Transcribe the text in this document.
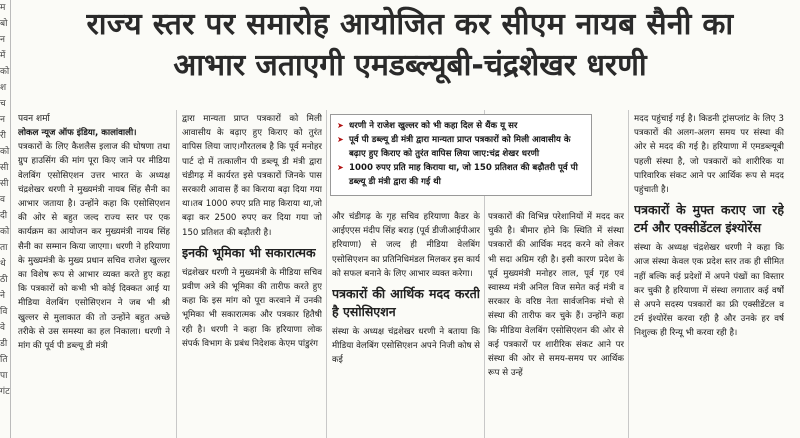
म
बो
न
में
को
श
च
न
री
को
सी
सी
व
दी
को
ता
थे
ठी
ने
वि
वे
डी
ति
पा
गंट
राज्य स्तर पर समारोह आयोजित कर सीएम नायब सैनी का
आभार जताएगी एमडब्ल्यूबी-चंद्रशेखर धरणी

पवन शर्मा

लोकल न्यूज ऑफ इंडिया, कालांवाली।

पत्रकारों के लिए कैशलैस इलाज की घोषणा तथा ग्रुप हाउसिंग की मांग पूरा किए जाने पर मीडिया वेलबिंग एसोसिएशन उत्तर भारत के अध्यक्ष चंद्रशेखर धरणी ने मुख्यमंत्री नायब सिंह सैनी का आभार जताया है। उन्होंने कहा कि एसोसिएशन की ओर से बहुत जल्द राज्य स्तर पर एक कार्यक्रम का आयोजन कर मुख्यमंत्री नायब सिंह सैनी का सम्मान किया जाएगा। धरणी ने हरियाणा के मुख्यमंत्री के मुख्य प्रधान सचिव राजेश खुल्लर का विशेष रूप से आभार व्यक्त करते हुए कहा कि पत्रकारों को कभी भी कोई दिक्कत आई या मीडिया वेलबिंग एसोसिएशन ने जब भी श्री खुल्लर से मुलाकात की तो उन्होंने बहुत अच्छे तरीके से उस समस्या का हल निकाला। धरणी ने मांग की पूर्व पी डब्ल्यू डी मंत्री

द्वारा मान्यता प्राप्त पत्रकारों को मिली आवासीय के बढ़ाए हुए किराए को तुरंत वापिस लिया जाए।गौरतलब है कि पूर्व मनोहर पार्ट दो में तत्कालीन पी डब्ल्यू डी मंत्री द्वारा चंडीगढ़ में कार्यरत इसे पत्रकारों जिनके पास सरकारी आवास हैं का किराया बढ़ा दिया गया था।तब 1000 रुपए प्रति माह किराया था,जो बढ़ा कर 2500 रुपए कर दिया गया जो 150 प्रतिशत की बढ़ौतरी है।

इनकी भूमिका भी सकारात्मक

चंद्रशेखर धरणी ने मुख्यमंत्री के मीडिया सचिव प्रवीण अत्रे की भूमिका की तारीफ करते हुए कहा कि इस मांग को पूरा करवाने में उनकी भूमिका भी सकारात्मक और पत्रकार हितैषी रही है। धरणी ने कहा कि हरियाणा लोक संपर्क विभाग के प्रबंध निदेशक केएम पांडुरंग

➤ धरणी ने राजेश खुल्लर को भी कहा दिल से थैंक यू सर
➤ पूर्व पी डब्ल्यू डी मंत्री द्वारा मान्यता प्राप्त पत्रकारों को मिली आवासीय के बढ़ाए हुए किराए को तुरंत वापिस लिया जाए:चंद्र शेखर धरणी
➤ 1000 रुपए प्रति माह किराया था, जो 150 प्रतिशत की बढ़ौतरी पूर्व पी डब्ल्यू डी मंत्री द्वारा की गई थी

और चंडीगढ़ के गृह सचिव हरियाणा कैडर के आईएएस मंदीप सिंह बराड़ (पूर्व डीजीआईपीआर हरियाणा) से जल्द ही मीडिया वेलबिंग एसोसिएशन का प्रतिनिधिमंडल मिलकर इस कार्य को सफल बनाने के लिए आभार व्यक्त करेगा।

पत्रकारों की आर्थिक मदद करती है एसोसिएशन

संस्था के अध्यक्ष चंद्रशेखर धरणी ने बताया कि मीडिया वेलबिंग एसोसिएशन अपने निजी कोष से कई

पत्रकारों की विभिन्न परेशानियों में मदद कर चुकी है। बीमार होने कि स्थिति में संस्था पत्रकारों की आर्थिक मदद करने को लेकर भी सदा अग्रिम रही है। इसी कारण प्रदेश के पूर्व मुख्यमंत्री मनोहर लाल, पूर्व गृह एवं स्वास्थ्य मंत्री अनिल विज समेत कई मंत्री व सरकार के वरिष्ठ नेता सार्वजनिक मंचो से संस्था की तारीफ कर चुके हैं। उन्होंने कहा कि मीडिया वेलबिंग एसोसिएशन की ओर से कई पत्रकारों पर शारीरिक संकट आने पर संस्था की ओर से समय-समय पर आर्थिक रूप से उन्हें

मदद पहुंचाई गई है। किडनी ट्रांसप्लांट के लिए 3 पत्रकारों की अलग-अलग समय पर संस्था की ओर से मदद की गई है। हरियाणा में एमडब्ल्यूबी पहली संस्था है, जो पत्रकारों को शारीरिक या पारिवारिक संकट आने पर आर्थिक रूप से मदद पहुंचाती है।

पत्रकारों के मुफ्त कराए जा रहे टर्म और एक्सीडेंटल इंश्योरेंस

संस्था के अध्यक्ष चंद्रशेखर धरणी ने कहा कि आज संस्था केवल एक प्रदेश स्तर तक ही सीमित नहीं बल्कि कई प्रदेशों में अपने पंखों का विस्तार कर चुकी है हरियाणा में संस्था लगातार कई वर्षों से अपने सदस्य पत्रकारों का फ्री एक्सीडेंटल व टर्म इंश्योरेंस करवा रही है और उनके हर वर्ष निशुल्क ही रिन्यू भी करवा रही है।
